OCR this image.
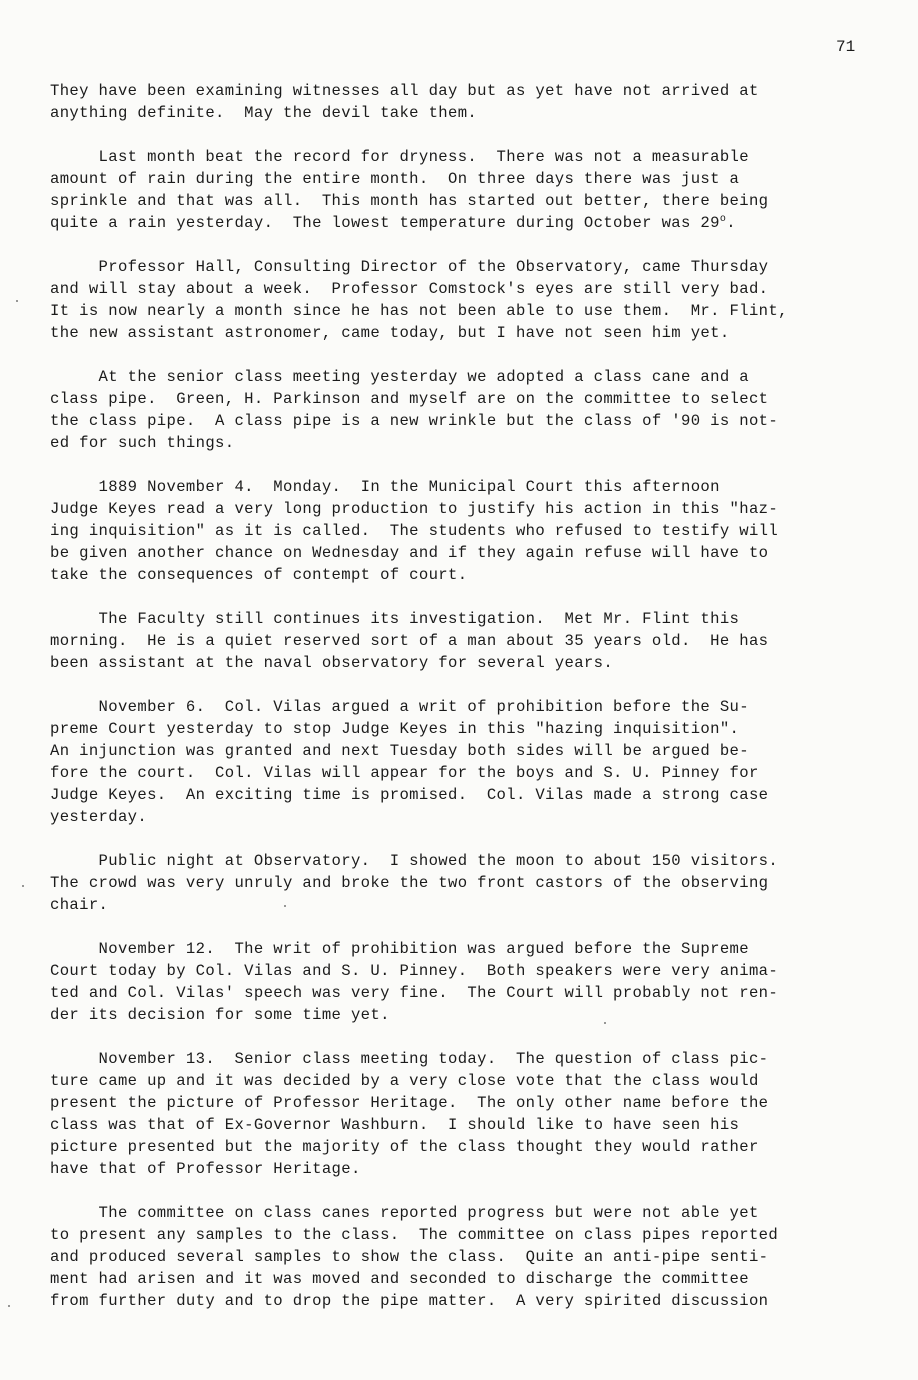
71
They have been examining witnesses all day but as yet have not arrived at
anything definite.  May the devil take them.
Last month beat the record for dryness.  There was not a measurable
amount of rain during the entire month.  On three days there was just a
sprinkle and that was all.  This month has started out better, there being
quite a rain yesterday.  The lowest temperature during October was 29$^o$.
Professor Hall, Consulting Director of the Observatory, came Thursday
and will stay about a week.  Professor Comstock's eyes are still very bad.
It is now nearly a month since he has not been able to use them.  Mr. Flint,
the new assistant astronomer, came today, but I have not seen him yet.
At the senior class meeting yesterday we adopted a class cane and a
class pipe.  Green, H. Parkinson and myself are on the committee to select
the class pipe.  A class pipe is a new wrinkle but the class of '90 is not-
ed for such things.
1889 November 4.  Monday.  In the Municipal Court this afternoon
Judge Keyes read a very long production to justify his action in this "haz-
ing inquisition" as it is called.  The students who refused to testify will
be given another chance on Wednesday and if they again refuse will have to
take the consequences of contempt of court.
The Faculty still continues its investigation.  Met Mr. Flint this
morning.  He is a quiet reserved sort of a man about 35 years old.  He has
been assistant at the naval observatory for several years.
November 6.  Col. Vilas argued a writ of prohibition before the Su-
preme Court yesterday to stop Judge Keyes in this "hazing inquisition".
An injunction was granted and next Tuesday both sides will be argued be-
fore the court.  Col. Vilas will appear for the boys and S. U. Pinney for
Judge Keyes.  An exciting time is promised.  Col. Vilas made a strong case
yesterday.
Public night at Observatory.  I showed the moon to about 150 visitors.
The crowd was very unruly and broke the two front castors of the observing
chair.
November 12.  The writ of prohibition was argued before the Supreme
Court today by Col. Vilas and S. U. Pinney.  Both speakers were very anima-
ted and Col. Vilas' speech was very fine.  The Court will probably not ren-
der its decision for some time yet.
November 13.  Senior class meeting today.  The question of class pic-
ture came up and it was decided by a very close vote that the class would
present the picture of Professor Heritage.  The only other name before the
class was that of Ex-Governor Washburn.  I should like to have seen his
picture presented but the majority of the class thought they would rather
have that of Professor Heritage.
The committee on class canes reported progress but were not able yet
to present any samples to the class.  The committee on class pipes reported
and produced several samples to show the class.  Quite an anti-pipe senti-
ment had arisen and it was moved and seconded to discharge the committee
from further duty and to drop the pipe matter.  A very spirited discussion
